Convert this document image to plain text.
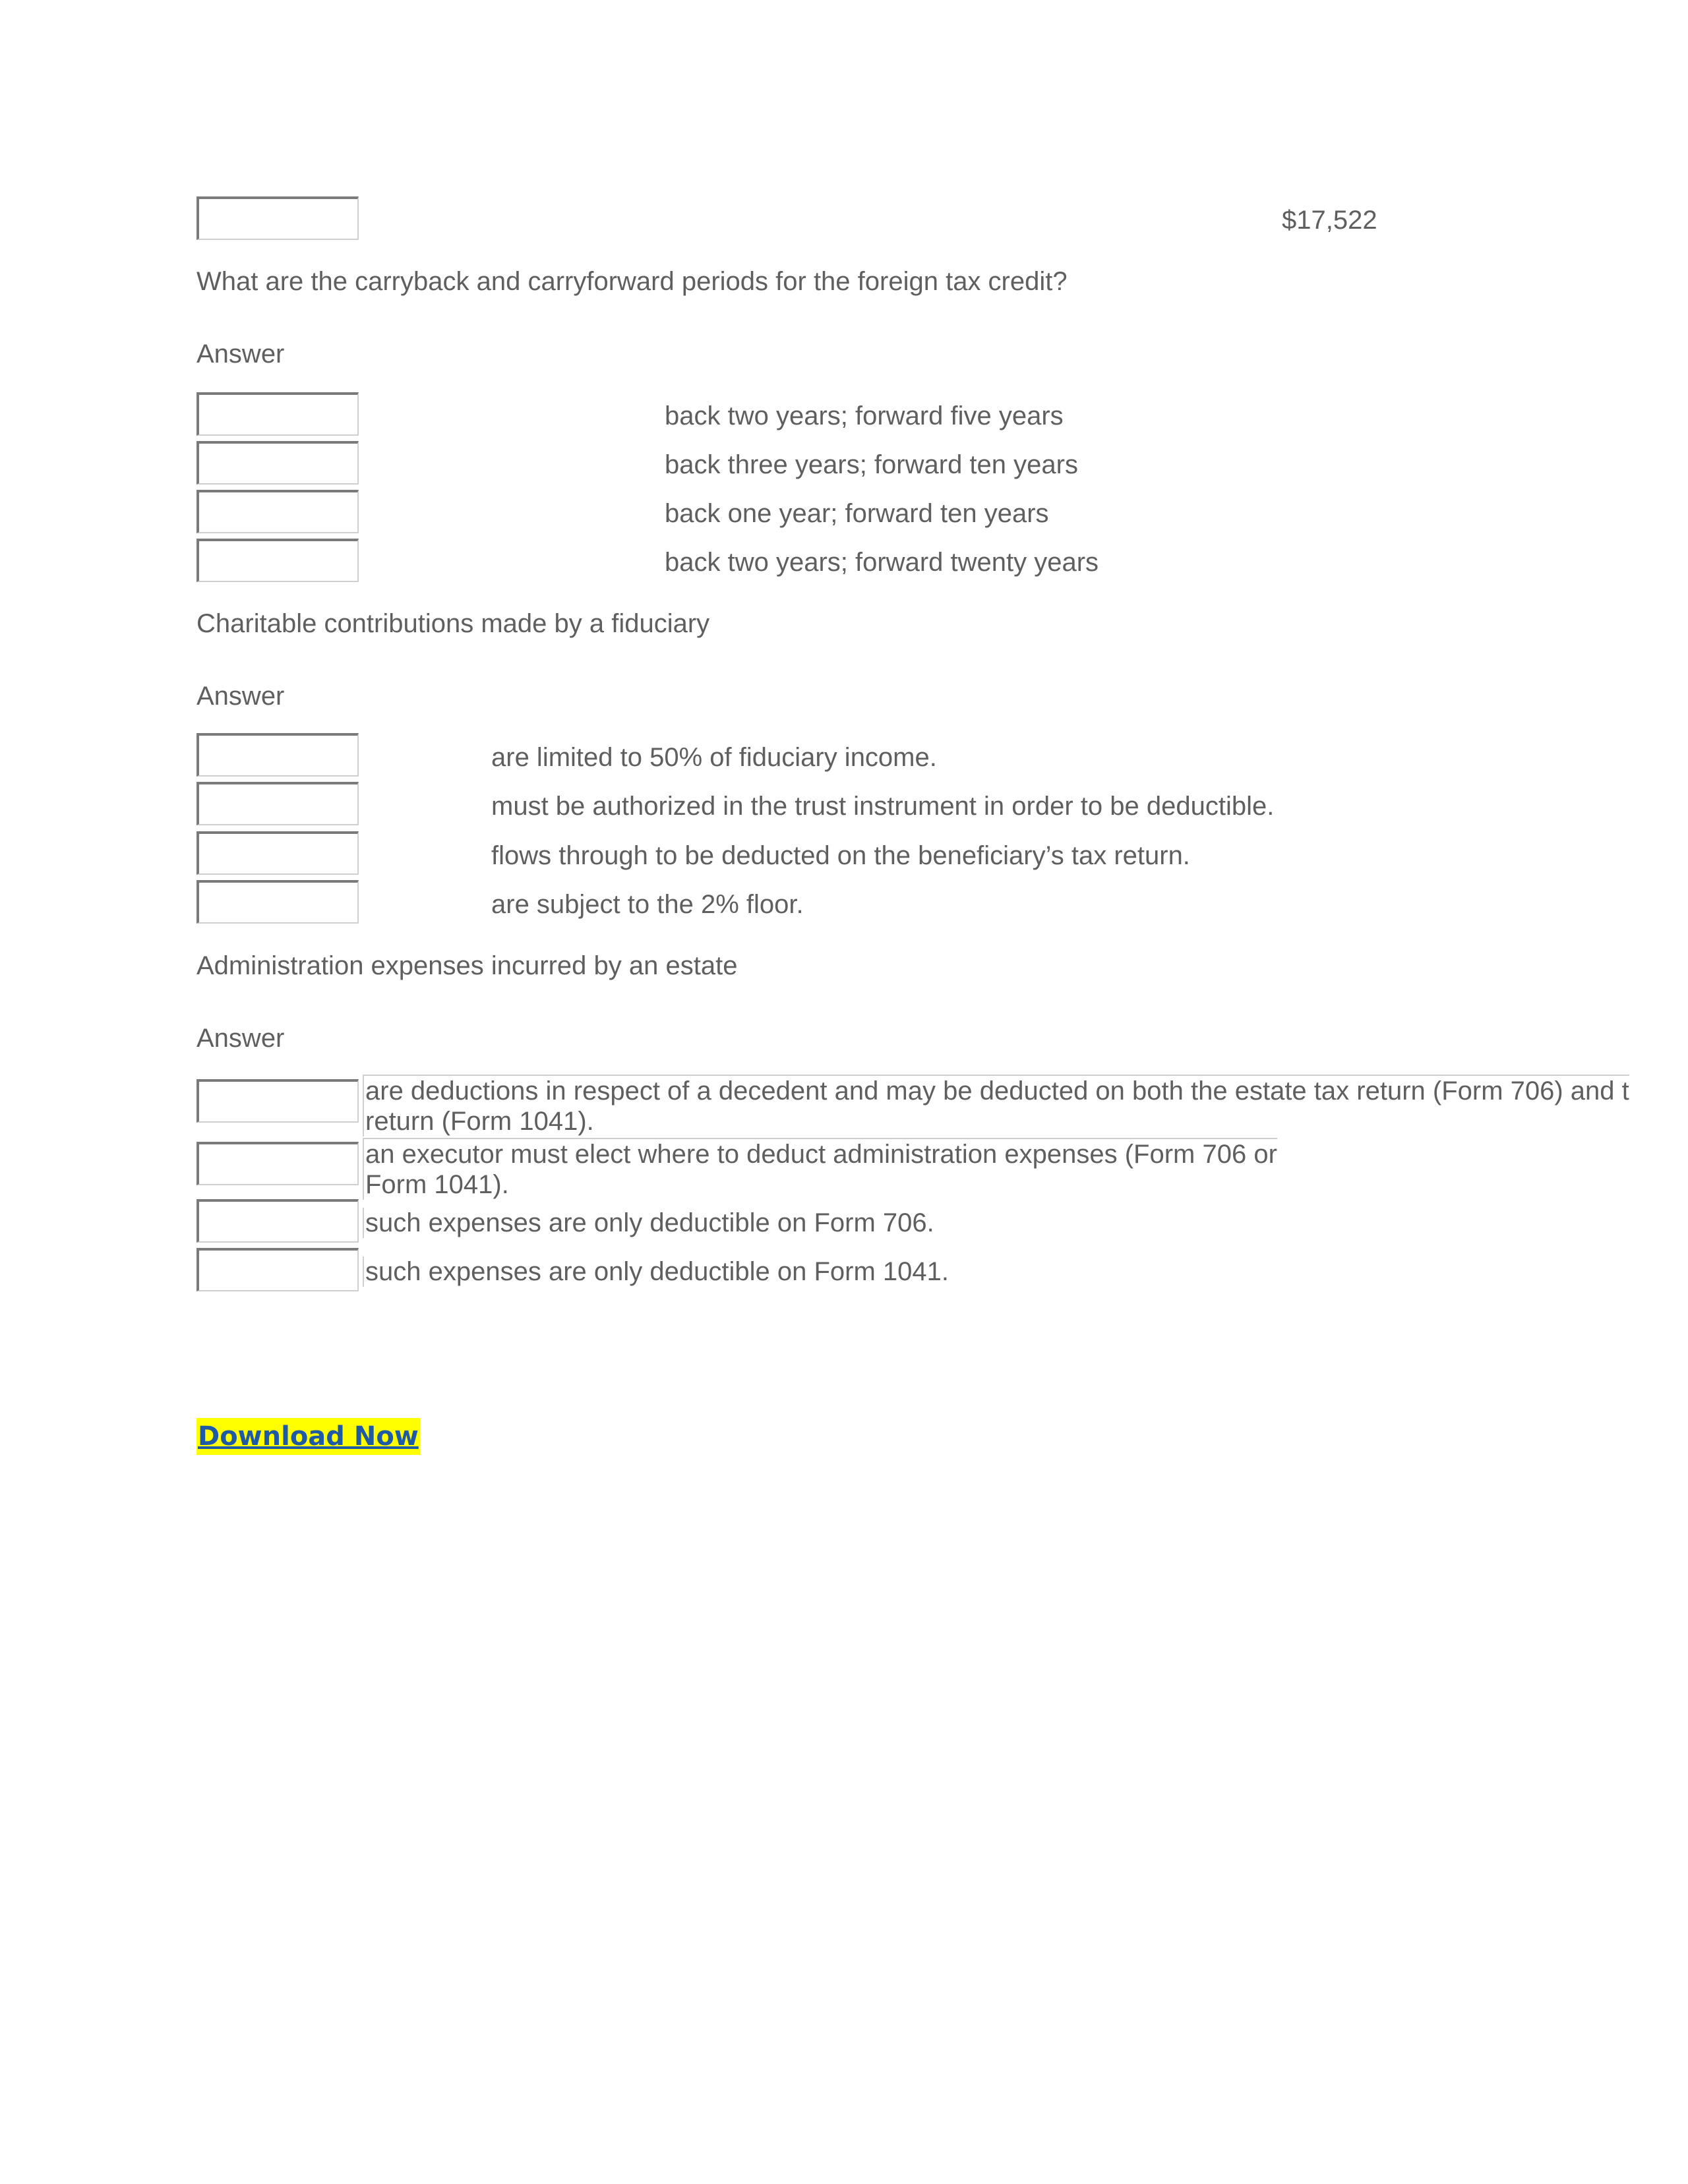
$17,522
What are the carryback and carryforward periods for the foreign tax credit?
Answer
back two years; forward five years
back three years; forward ten years
back one year; forward ten years
back two years; forward twenty years
Charitable contributions made by a fiduciary
Answer
are limited to 50% of fiduciary income.
must be authorized in the trust instrument in order to be deductible.
flows through to be deducted on the beneficiary’s tax return.
are subject to the 2% floor.
Administration expenses incurred by an estate
Answer
are deductions in respect of a decedent and may be deducted on both the estate tax return (Form 706) and t
return (Form 1041).
an executor must elect where to deduct administration expenses (Form 706 or
Form 1041).
such expenses are only deductible on Form 706.
such expenses are only deductible on Form 1041.
Download Now
